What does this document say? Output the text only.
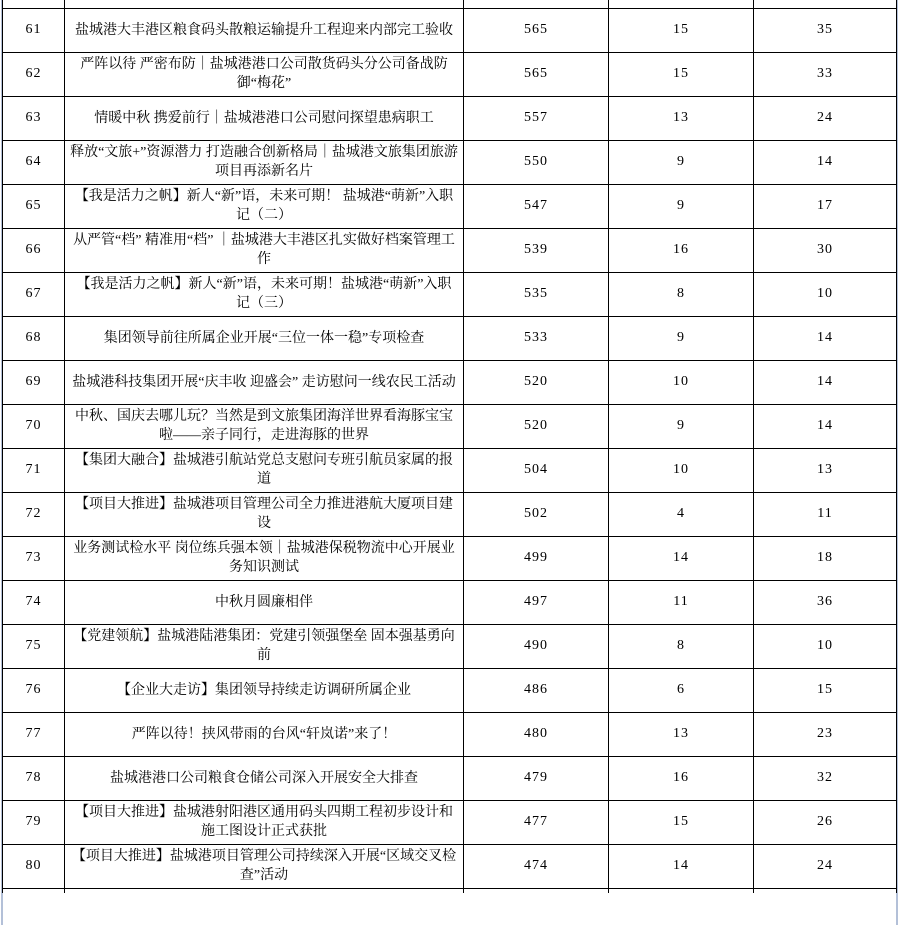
61	盐城港大丰港区粮食码头散粮运输提升工程迎来内部完工验收	565	15	35
62	严阵以待 严密布防｜盐城港港口公司散货码头分公司备战防御“梅花”	565	15	33
63	情暖中秋 携爱前行｜盐城港港口公司慰问探望患病职工	557	13	24
64	释放“文旅+”资源潜力 打造融合创新格局｜盐城港文旅集团旅游项目再添新名片	550	9	14
65	【我是活力之帆】新人“新”语，未来可期！ 盐城港“萌新”入职记（二）	547	9	17
66	从严管“档” 精准用“档” ｜盐城港大丰港区扎实做好档案管理工作	539	16	30
67	【我是活力之帆】新人“新”语，未来可期！盐城港“萌新”入职记（三）	535	8	10
68	集团领导前往所属企业开展“三位一体一稳”专项检查	533	9	14
69	盐城港科技集团开展“庆丰收 迎盛会” 走访慰问一线农民工活动	520	10	14
70	中秋、国庆去哪儿玩？当然是到文旅集团海洋世界看海豚宝宝啦——亲子同行，走进海豚的世界	520	9	14
71	【集团大融合】盐城港引航站党总支慰问专班引航员家属的报道	504	10	13
72	【项目大推进】盐城港项目管理公司全力推进港航大厦项目建设	502	4	11
73	业务测试检水平 岗位练兵强本领｜盐城港保税物流中心开展业务知识测试	499	14	18
74	中秋月圆廉相伴	497	11	36
75	【党建领航】盐城港陆港集团：党建引领强堡垒 固本强基勇向前	490	8	10
76	【企业大走访】集团领导持续走访调研所属企业	486	6	15
77	严阵以待！挟风带雨的台风“轩岚诺”来了！	480	13	23
78	盐城港港口公司粮食仓储公司深入开展安全大排查	479	16	32
79	【项目大推进】盐城港射阳港区通用码头四期工程初步设计和施工图设计正式获批	477	15	26
80	【项目大推进】盐城港项目管理公司持续深入开展“区域交叉检查”活动	474	14	24
